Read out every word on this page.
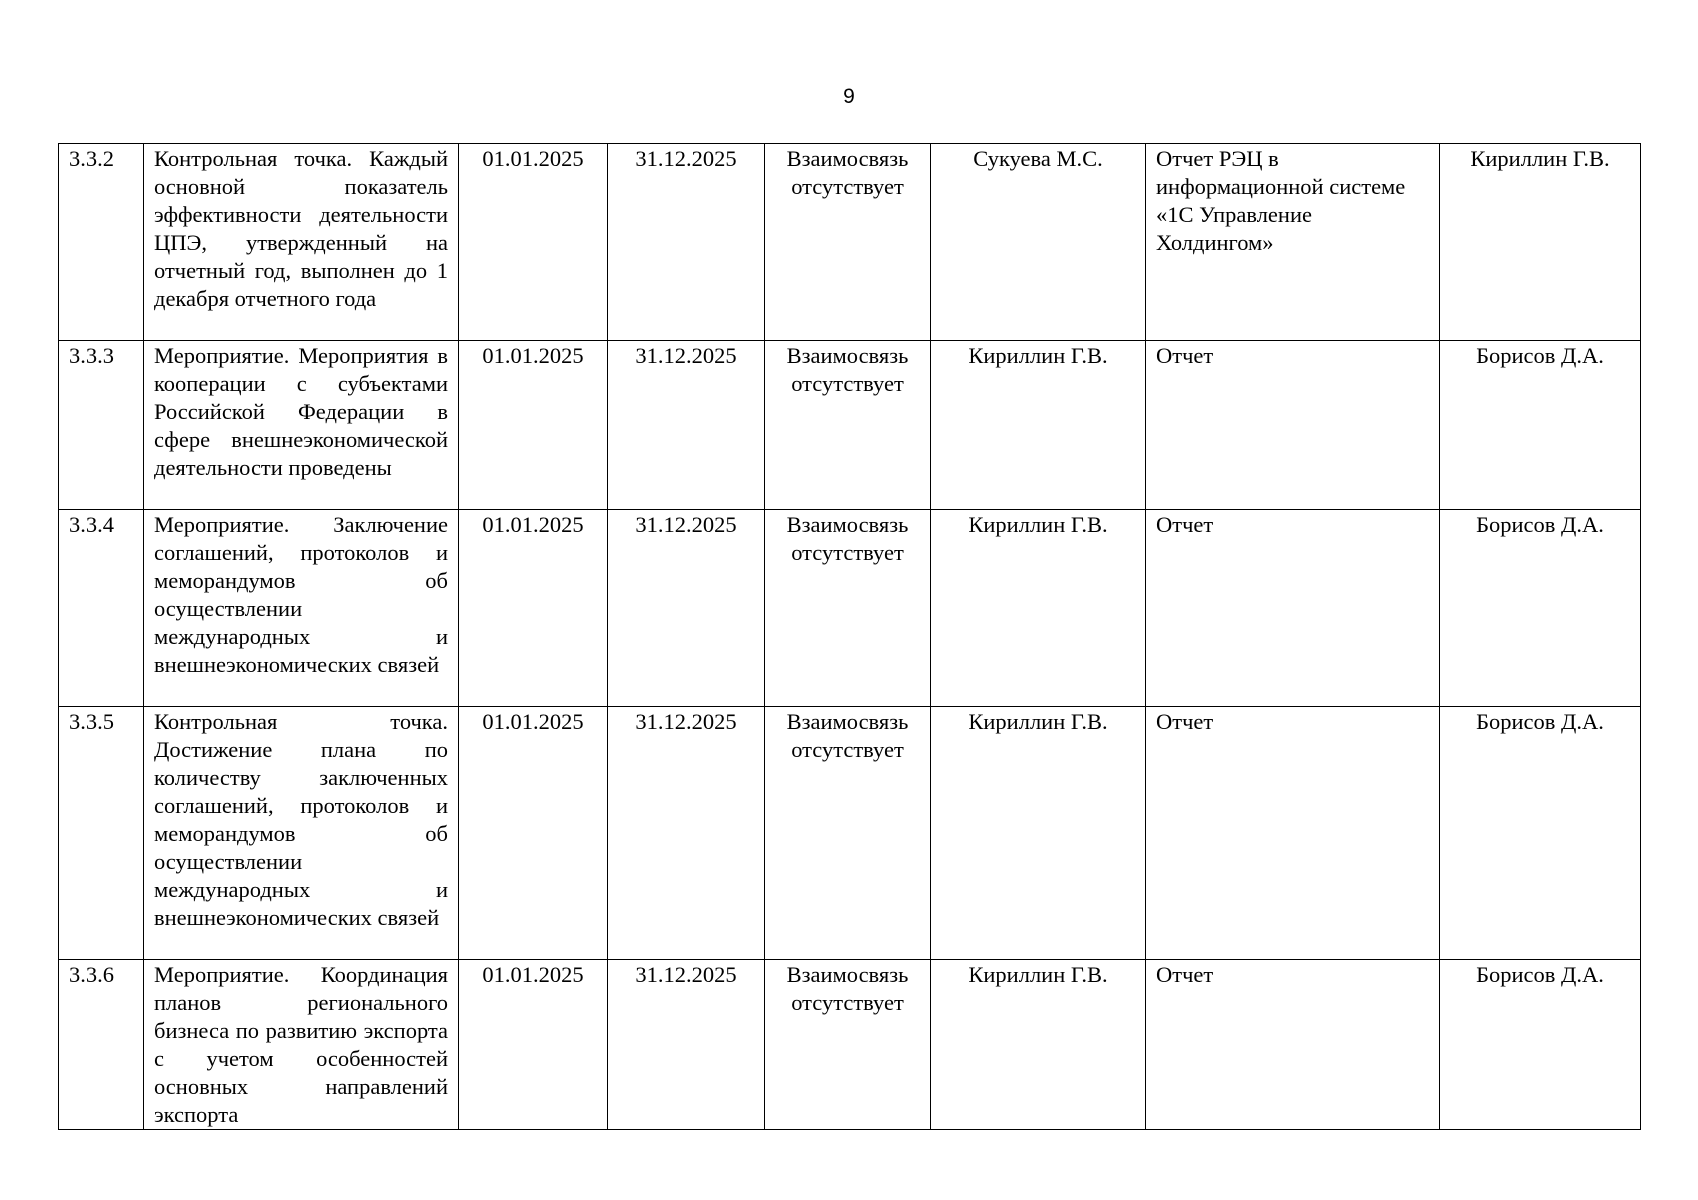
9
3.3.2	Контрольная точка. Каждый основной показатель эффективности деятельности ЦПЭ, утвержденный на отчетный год, выполнен до 1 декабря отчетного года	01.01.2025	31.12.2025	Взаимосвязь отсутствует	Сукуева М.С.	Отчет РЭЦ в информационной системе «1С Управление Холдингом»	Кириллин Г.В.
3.3.3	Мероприятие. Мероприятия в кооперации с субъектами Российской Федерации в сфере внешнеэкономической деятельности проведены	01.01.2025	31.12.2025	Взаимосвязь отсутствует	Кириллин Г.В.	Отчет	Борисов Д.А.
3.3.4	Мероприятие. Заключение соглашений, протоколов и меморандумов об осуществлении международных и внешнеэкономических связей	01.01.2025	31.12.2025	Взаимосвязь отсутствует	Кириллин Г.В.	Отчет	Борисов Д.А.
3.3.5	Контрольная точка. Достижение плана по количеству заключенных соглашений, протоколов и меморандумов об осуществлении международных и внешнеэкономических связей	01.01.2025	31.12.2025	Взаимосвязь отсутствует	Кириллин Г.В.	Отчет	Борисов Д.А.
3.3.6	Мероприятие. Координация планов регионального бизнеса по развитию экспорта с учетом особенностей основных направлений экспорта	01.01.2025	31.12.2025	Взаимосвязь отсутствует	Кириллин Г.В.	Отчет	Борисов Д.А.
